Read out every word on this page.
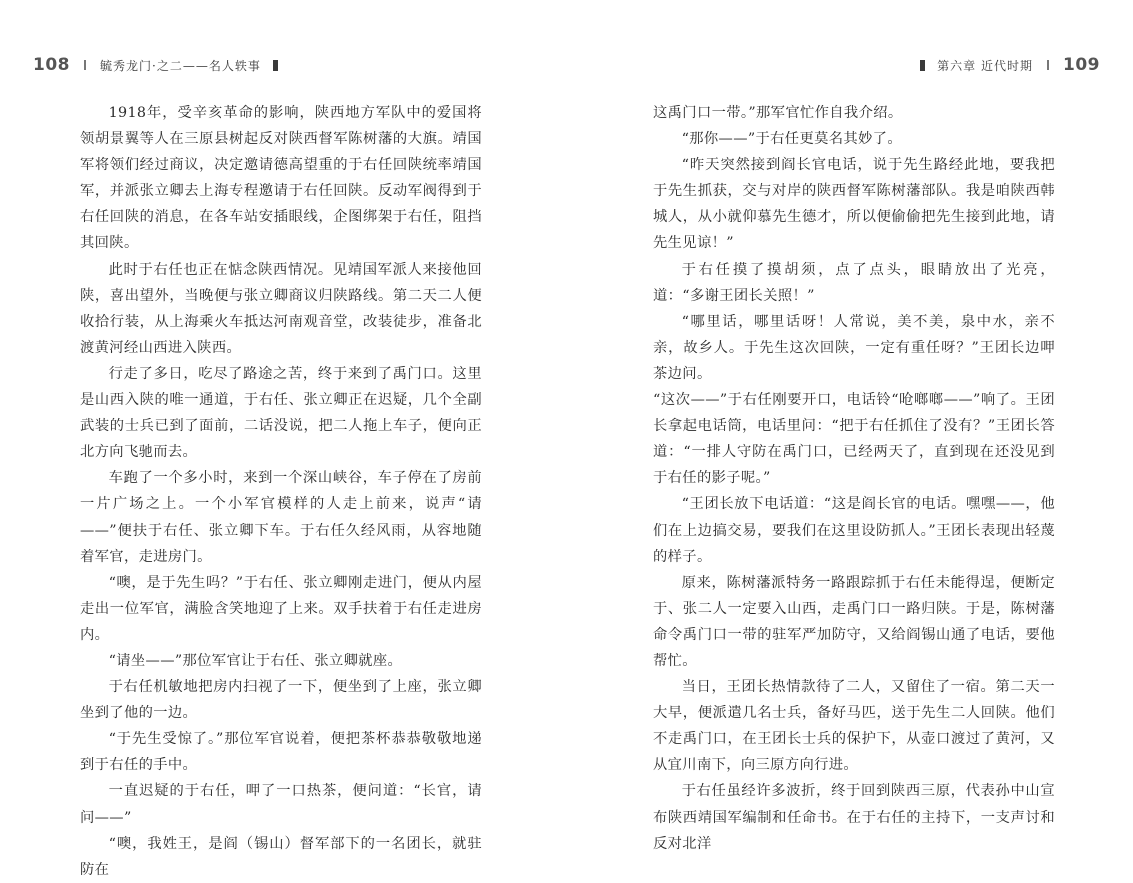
108	毓秀龙门·之二——名人轶事	第六章 近代时期 109

1918年，受辛亥革命的影响，陕西地方军队中的爱国将领胡景翼等人在三原县树起反对陕西督军陈树藩的大旗。靖国军将领们经过商议，决定邀请德高望重的于右任回陕统率靖国军，并派张立卿去上海专程邀请于右任回陕。反动军阀得到于右任回陕的消息，在各车站安插眼线，企图绑架于右任，阻挡其回陕。

此时于右任也正在惦念陕西情况。见靖国军派人来接他回陕，喜出望外，当晚便与张立卿商议归陕路线。第二天二人便收拾行装，从上海乘火车抵达河南观音堂，改装徒步，准备北渡黄河经山西进入陕西。

行走了多日，吃尽了路途之苦，终于来到了禹门口。这里是山西入陕的唯一通道，于右任、张立卿正在迟疑，几个全副武装的士兵已到了面前，二话没说，把二人拖上车子，便向正北方向飞驰而去。

车跑了一个多小时，来到一个深山峡谷，车子停在了房前一片广场之上。一个小军官模样的人走上前来，说声“请——”便扶于右任、张立卿下车。于右任久经风雨，从容地随着军官，走进房门。

“噢，是于先生吗？”于右任、张立卿刚走进门，便从内屋走出一位军官，满脸含笑地迎了上来。双手扶着于右任走进房内。

“请坐——”那位军官让于右任、张立卿就座。

于右任机敏地把房内扫视了一下，便坐到了上座，张立卿坐到了他的一边。

“于先生受惊了。”那位军官说着，便把茶杯恭恭敬敬地递到于右任的手中。

一直迟疑的于右任，呷了一口热茶，便问道：“长官，请问——”

“噢，我姓王，是阎（锡山）督军部下的一名团长，就驻防在

这禹门口一带。”那军官忙作自我介绍。

“那你——”于右任更莫名其妙了。

“昨天突然接到阎长官电话，说于先生路经此地，要我把于先生抓获，交与对岸的陕西督军陈树藩部队。我是咱陕西韩城人，从小就仰慕先生德才，所以便偷偷把先生接到此地，请先生见谅！”

于右任摸了摸胡须，点了点头，眼睛放出了光亮，道：“多谢王团长关照！”

“哪里话，哪里话呀！人常说，美不美，泉中水，亲不亲，故乡人。于先生这次回陕，一定有重任呀？”王团长边呷茶边问。

“这次——”于右任刚要开口，电话铃“呛啷啷——”响了。王团长拿起电话筒，电话里问：“把于右任抓住了没有？”王团长答道：“一排人守防在禹门口，已经两天了，直到现在还没见到于右任的影子呢。”

“王团长放下电话道：“这是阎长官的电话。嘿嘿——，他们在上边搞交易，要我们在这里设防抓人。”王团长表现出轻蔑的样子。

原来，陈树藩派特务一路跟踪抓于右任未能得逞，便断定于、张二人一定要入山西，走禹门口一路归陕。于是，陈树藩命令禹门口一带的驻军严加防守，又给阎锡山通了电话，要他帮忙。

当日，王团长热情款待了二人，又留住了一宿。第二天一大早，便派遣几名士兵，备好马匹，送于先生二人回陕。他们不走禹门口，在王团长士兵的保护下，从壶口渡过了黄河，又从宜川南下，向三原方向行进。

于右任虽经许多波折，终于回到陕西三原，代表孙中山宣布陕西靖国军编制和任命书。在于右任的主持下，一支声讨和反对北洋
